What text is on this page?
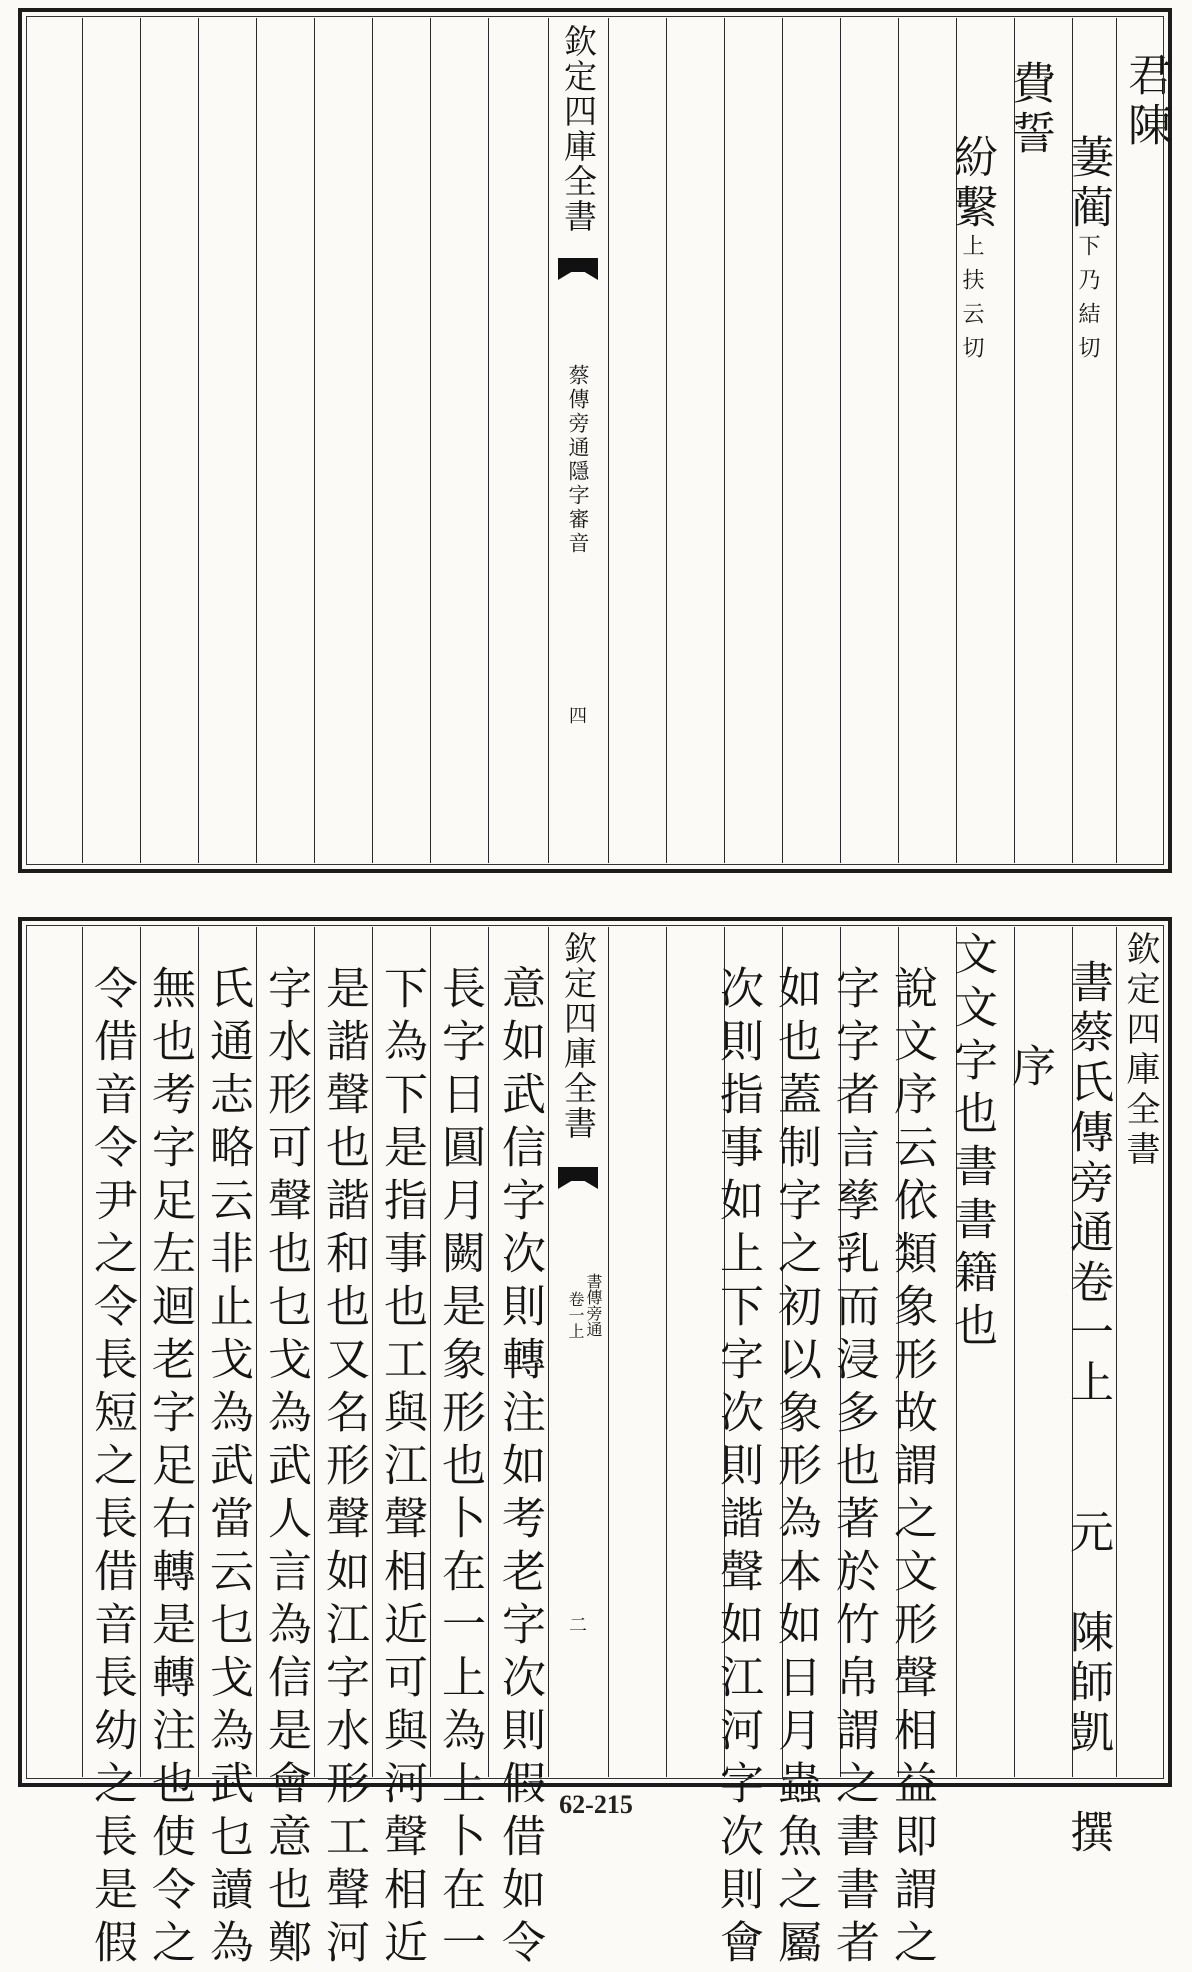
欽定四庫全書
蔡傳旁通隱字審音
四
君陳
萋蔺下乃結切
費誓
紛繫上扶云切
欽定四庫全書
書傳旁通
卷一上
二
欽定四庫全書
書蔡氏傳旁通卷一上　　元　陳師凱　撰
序
文文字也書書籍也
說文序云依類象形故謂之文形聲相益即謂之
字字者言孳乳而浸多也著於竹帛謂之書書者
如也蓋制字之初以象形為本如日月蟲魚之屬
次則指事如上下字次則諧聲如江河字次則會
意如武信字次則轉注如考老字次則假借如令
長字日圓月闕是象形也卜在一上為上卜在一
下為下是指事也工與江聲相近可與河聲相近
是諧聲也諧和也又名形聲如江字水形工聲河
字水形可聲也乜戈為武人言為信是會意也鄭
氏通志略云非止戈為武當云乜戈為武乜讀為
無也考字足左迴老字足右轉是轉注也使令之
令借音令尹之令長短之長借音長幼之長是假	62-215
